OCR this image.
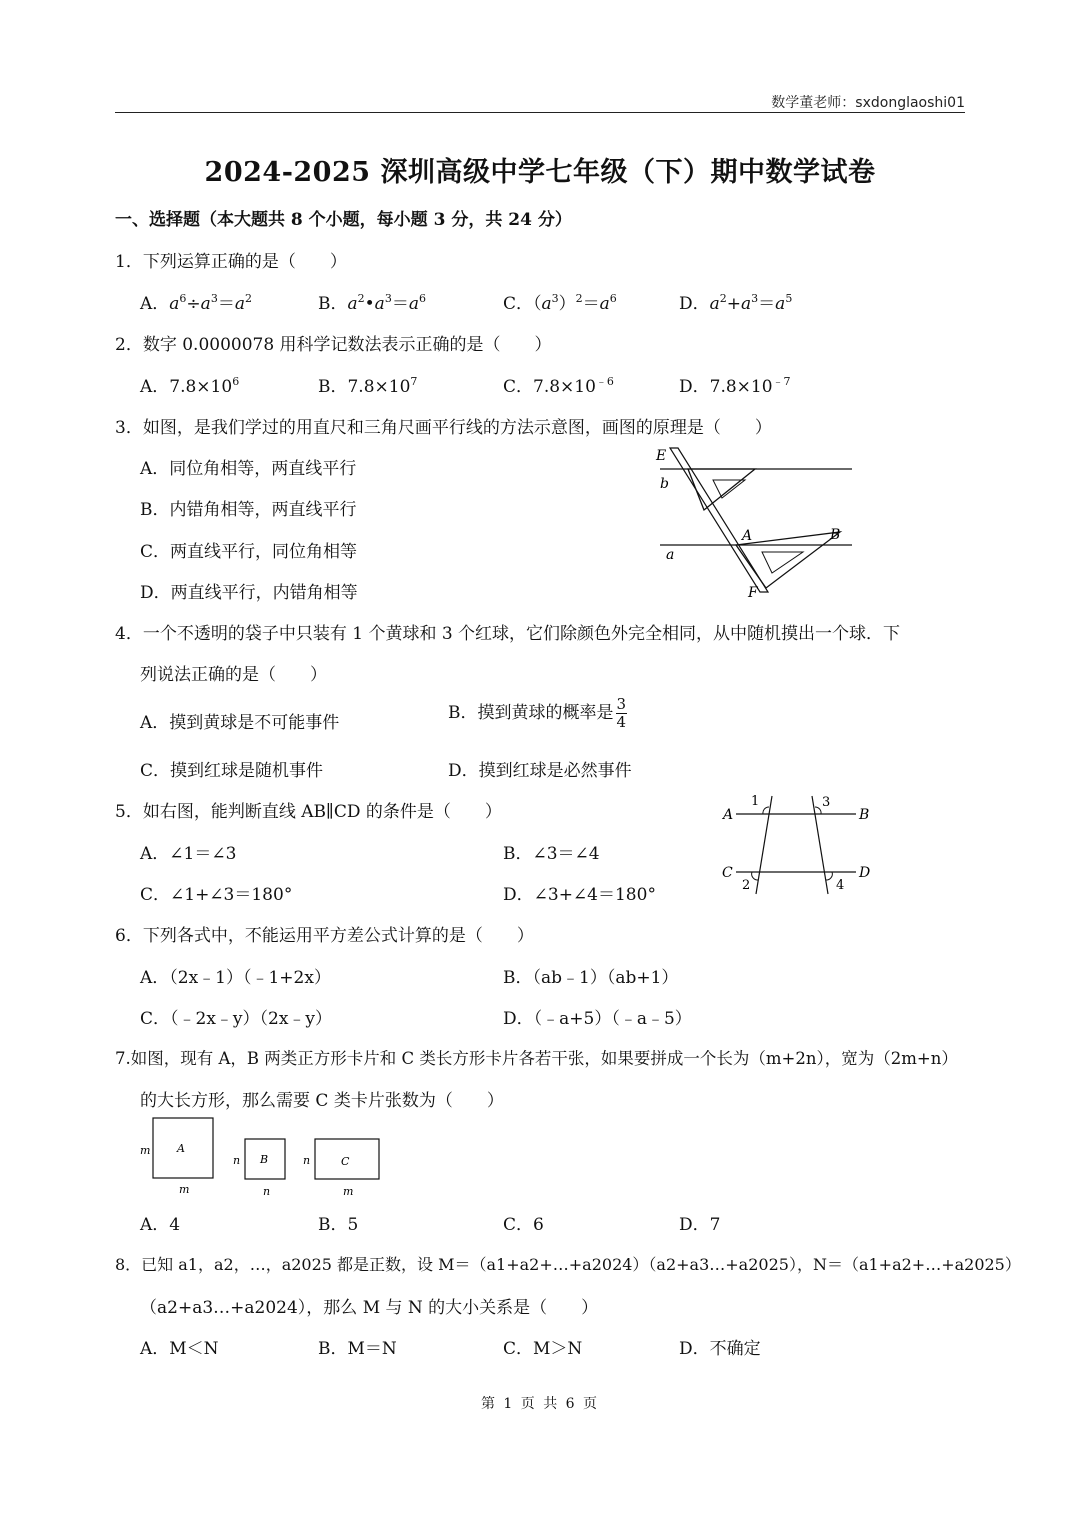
数学董老师：sxdonglaoshi01
2024-2025 深圳高级中学七年级（下）期中数学试卷
一、选择题（本大题共 8 个小题，每小题 3 分，共 24 分）
1．下列运算正确的是（　　）
A．$a^6\div a^3=a^2$	B．$a^2•a^3=a^6$	C．$(a^3)^2=a^6$	D．$a^2+a^3=a^5$
2．数字 0.0000078 用科学记数法表示正确的是（　　）
A．$7.8\times 10^6$	B．$7.8\times 10^7$	C．$7.8\times 10^{﹣6}$	D．$7.8\times 10^{﹣7}$
3．如图，是我们学过的用直尺和三角尺画平行线的方法示意图，画图的原理是（　　）
A．同位角相等，两直线平行
B．内错角相等，两直线平行
C．两直线平行，同位角相等
D．两直线平行，内错角相等
E
b
A	B
a
F
4．一个不透明的袋子中只装有 1 个黄球和 3 个红球，它们除颜色外完全相同，从中随机摸出一个球．下
列说法正确的是（　　）
A．摸到黄球是不可能事件	B．摸到黄球的概率是 $\frac{3}{4}$
C．摸到红球是随机事件	D．摸到红球是必然事件
5．如右图，能判断直线 AB∥CD 的条件是（　　）
A．∠1＝∠3	B．∠3＝∠4
C．∠1+∠3＝180°	D．∠3+∠4＝180°
A	B
C	D
1	3
2	4
6．下列各式中，不能运用平方差公式计算的是（　　）
A．（2x﹣1）（﹣1+2x）	B．（ab﹣1）（ab+1）
C．（﹣2x﹣y）（2x﹣y）	D．（﹣a+5）（﹣a﹣5）
7.如图，现有 A，B 两类正方形卡片和 C 类长方形卡片各若干张，如果要拼成一个长为（m+2n），宽为（2m+n）
的大长方形，那么需要 C 类卡片张数为（　　）
A
B	C
m
m
n
n
n
m
A．4	B．5	C．6	D．7
8．已知 a1，a2，…，a2025 都是正数，设 M＝（a1+a2+…+a2024）（a2+a3…+a2025），N＝（a1+a2+…+a2025）
（a2+a3…+a2024），那么 M 与 N 的大小关系是（　　）
A．M＜N	B．M＝N	C．M＞N	D．不确定
第 1 页 共 6 页
